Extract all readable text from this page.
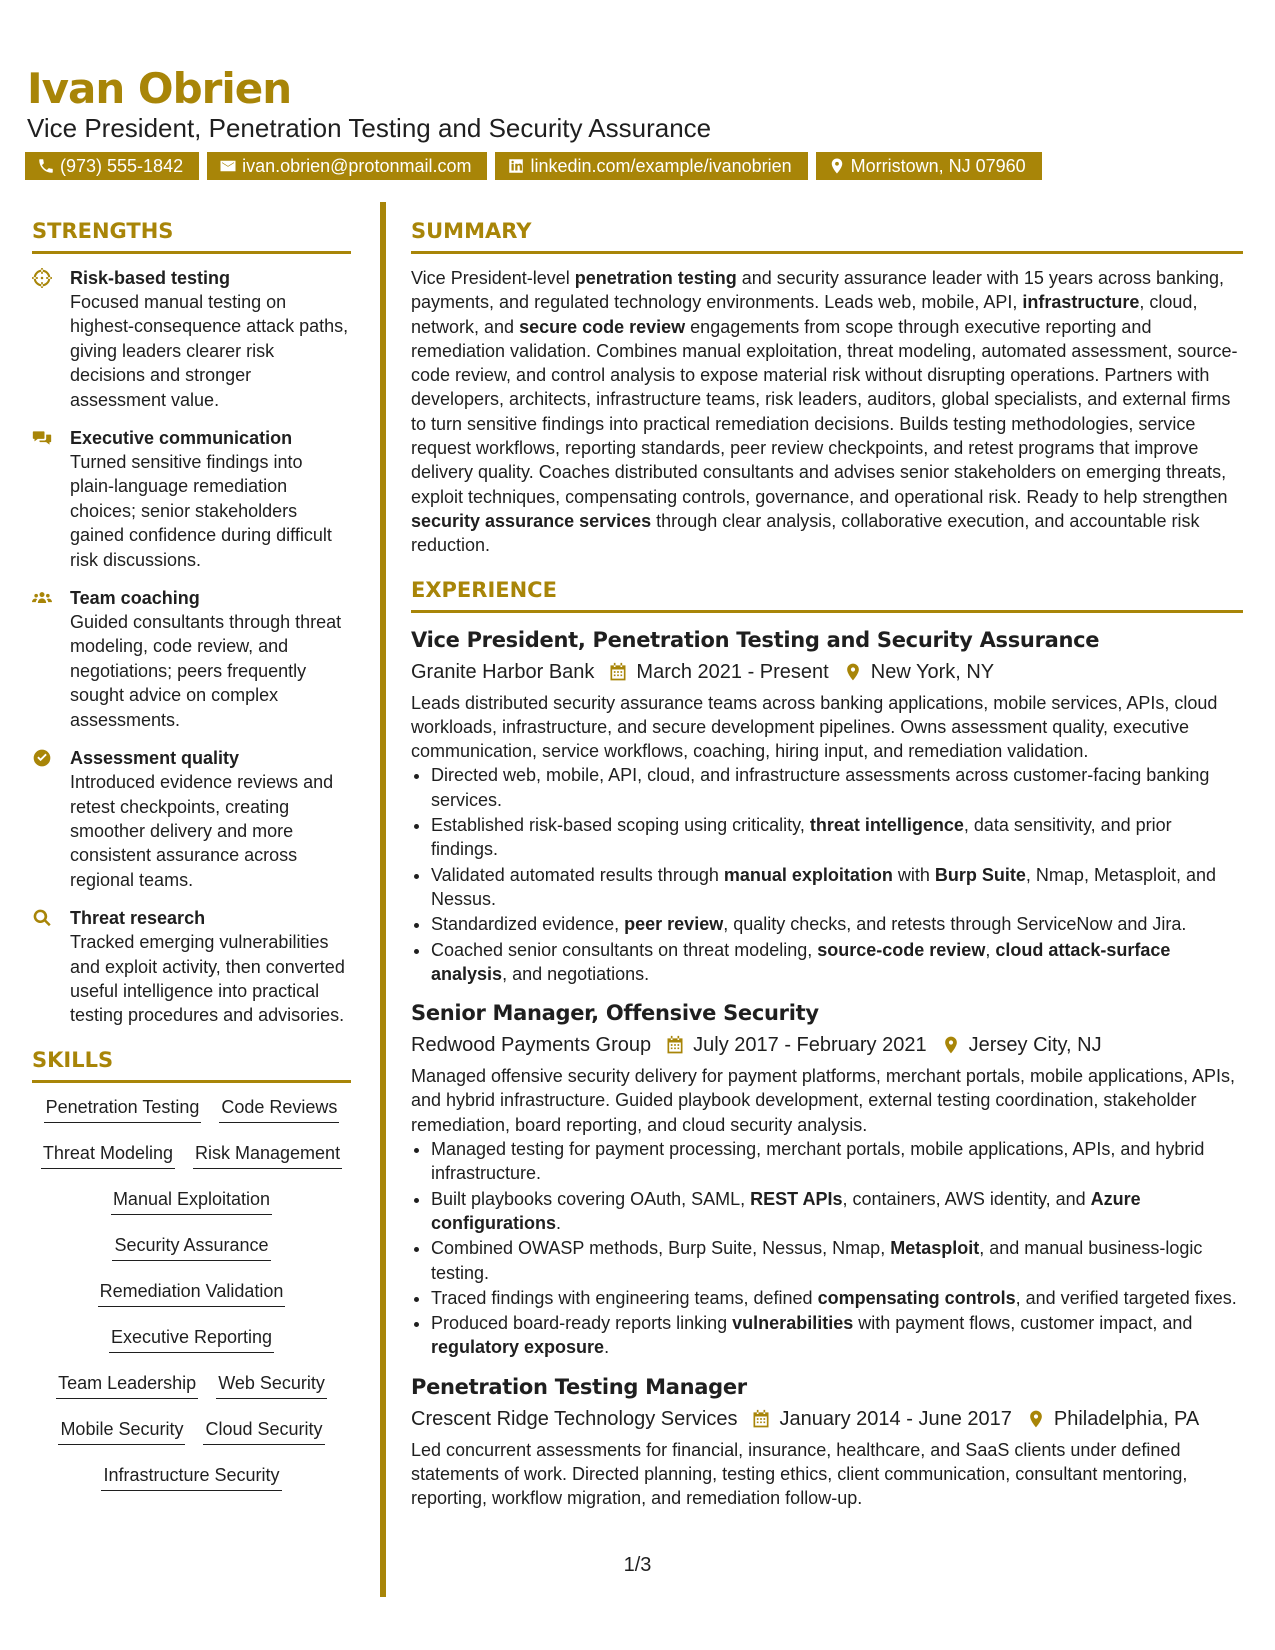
Ivan Obrien
Vice President, Penetration Testing and Security Assurance
(973) 555-1842	ivan.obrien@protonmail.com	linkedin.com/example/ivanobrien	Morristown, NJ 07960
STRENGTHS

Risk-based testing

Focused manual testing on highest-consequence attack paths, giving leaders clearer risk decisions and stronger assessment value.

Executive communication

Turned sensitive findings into plain-language remediation choices; senior stakeholders gained confidence during difficult risk discussions.

Team coaching

Guided consultants through threat modeling, code review, and negotiations; peers frequently sought advice on complex assessments.

Assessment quality

Introduced evidence reviews and retest checkpoints, creating smoother delivery and more consistent assurance across regional teams.

Threat research

Tracked emerging vulnerabilities and exploit activity, then converted useful intelligence into practical testing procedures and advisories.

SKILLS
Penetration Testing Code Reviews
Threat Modeling Risk Management
Manual Exploitation
Security Assurance
Remediation Validation
Executive Reporting
Team Leadership Web Security
Mobile Security Cloud Security
Infrastructure Security
SUMMARY

Vice President-level penetration testing and security assurance leader with 15 years across banking, payments, and regulated technology environments. Leads web, mobile, API, infrastructure, cloud, network, and secure code review engagements from scope through executive reporting and remediation validation. Combines manual exploitation, threat modeling, automated assessment, source-code review, and control analysis to expose material risk without disrupting operations. Partners with developers, architects, infrastructure teams, risk leaders, auditors, global specialists, and external firms to turn sensitive findings into practical remediation decisions. Builds testing methodologies, service request workflows, reporting standards, peer review checkpoints, and retest programs that improve delivery quality. Coaches distributed consultants and advises senior stakeholders on emerging threats, exploit techniques, compensating controls, governance, and operational risk. Ready to help strengthen security assurance services through clear analysis, collaborative execution, and accountable risk reduction.

EXPERIENCE
Vice President, Penetration Testing and Security Assurance
Granite Harbor Bank March 2021 - Present New York, NY

Leads distributed security assurance teams across banking applications, mobile services, APIs, cloud workloads, infrastructure, and secure development pipelines. Owns assessment quality, executive communication, service workflows, coaching, hiring input, and remediation validation.

• Directed web, mobile, API, cloud, and infrastructure assessments across customer-facing banking services.
• Established risk-based scoping using criticality, threat intelligence, data sensitivity, and prior findings.
• Validated automated results through manual exploitation with Burp Suite, Nmap, Metasploit, and Nessus.
• Standardized evidence, peer review, quality checks, and retests through ServiceNow and Jira.
• Coached senior consultants on threat modeling, source-code review, cloud attack-surface analysis, and negotiations.
Senior Manager, Offensive Security
Redwood Payments Group July 2017 - February 2021 Jersey City, NJ

Managed offensive security delivery for payment platforms, merchant portals, mobile applications, APIs, and hybrid infrastructure. Guided playbook development, external testing coordination, stakeholder remediation, board reporting, and cloud security analysis.

• Managed testing for payment processing, merchant portals, mobile applications, APIs, and hybrid infrastructure.
• Built playbooks covering OAuth, SAML, REST APIs, containers, AWS identity, and Azure configurations.
• Combined OWASP methods, Burp Suite, Nessus, Nmap, Metasploit, and manual business-logic testing.
• Traced findings with engineering teams, defined compensating controls, and verified targeted fixes.
• Produced board-ready reports linking vulnerabilities with payment flows, customer impact, and regulatory exposure.
Penetration Testing Manager
Crescent Ridge Technology Services January 2014 - June 2017 Philadelphia, PA

Led concurrent assessments for financial, insurance, healthcare, and SaaS clients under defined statements of work. Directed planning, testing ethics, client communication, consultant mentoring, reporting, workflow migration, and remediation follow-up.

1/3
